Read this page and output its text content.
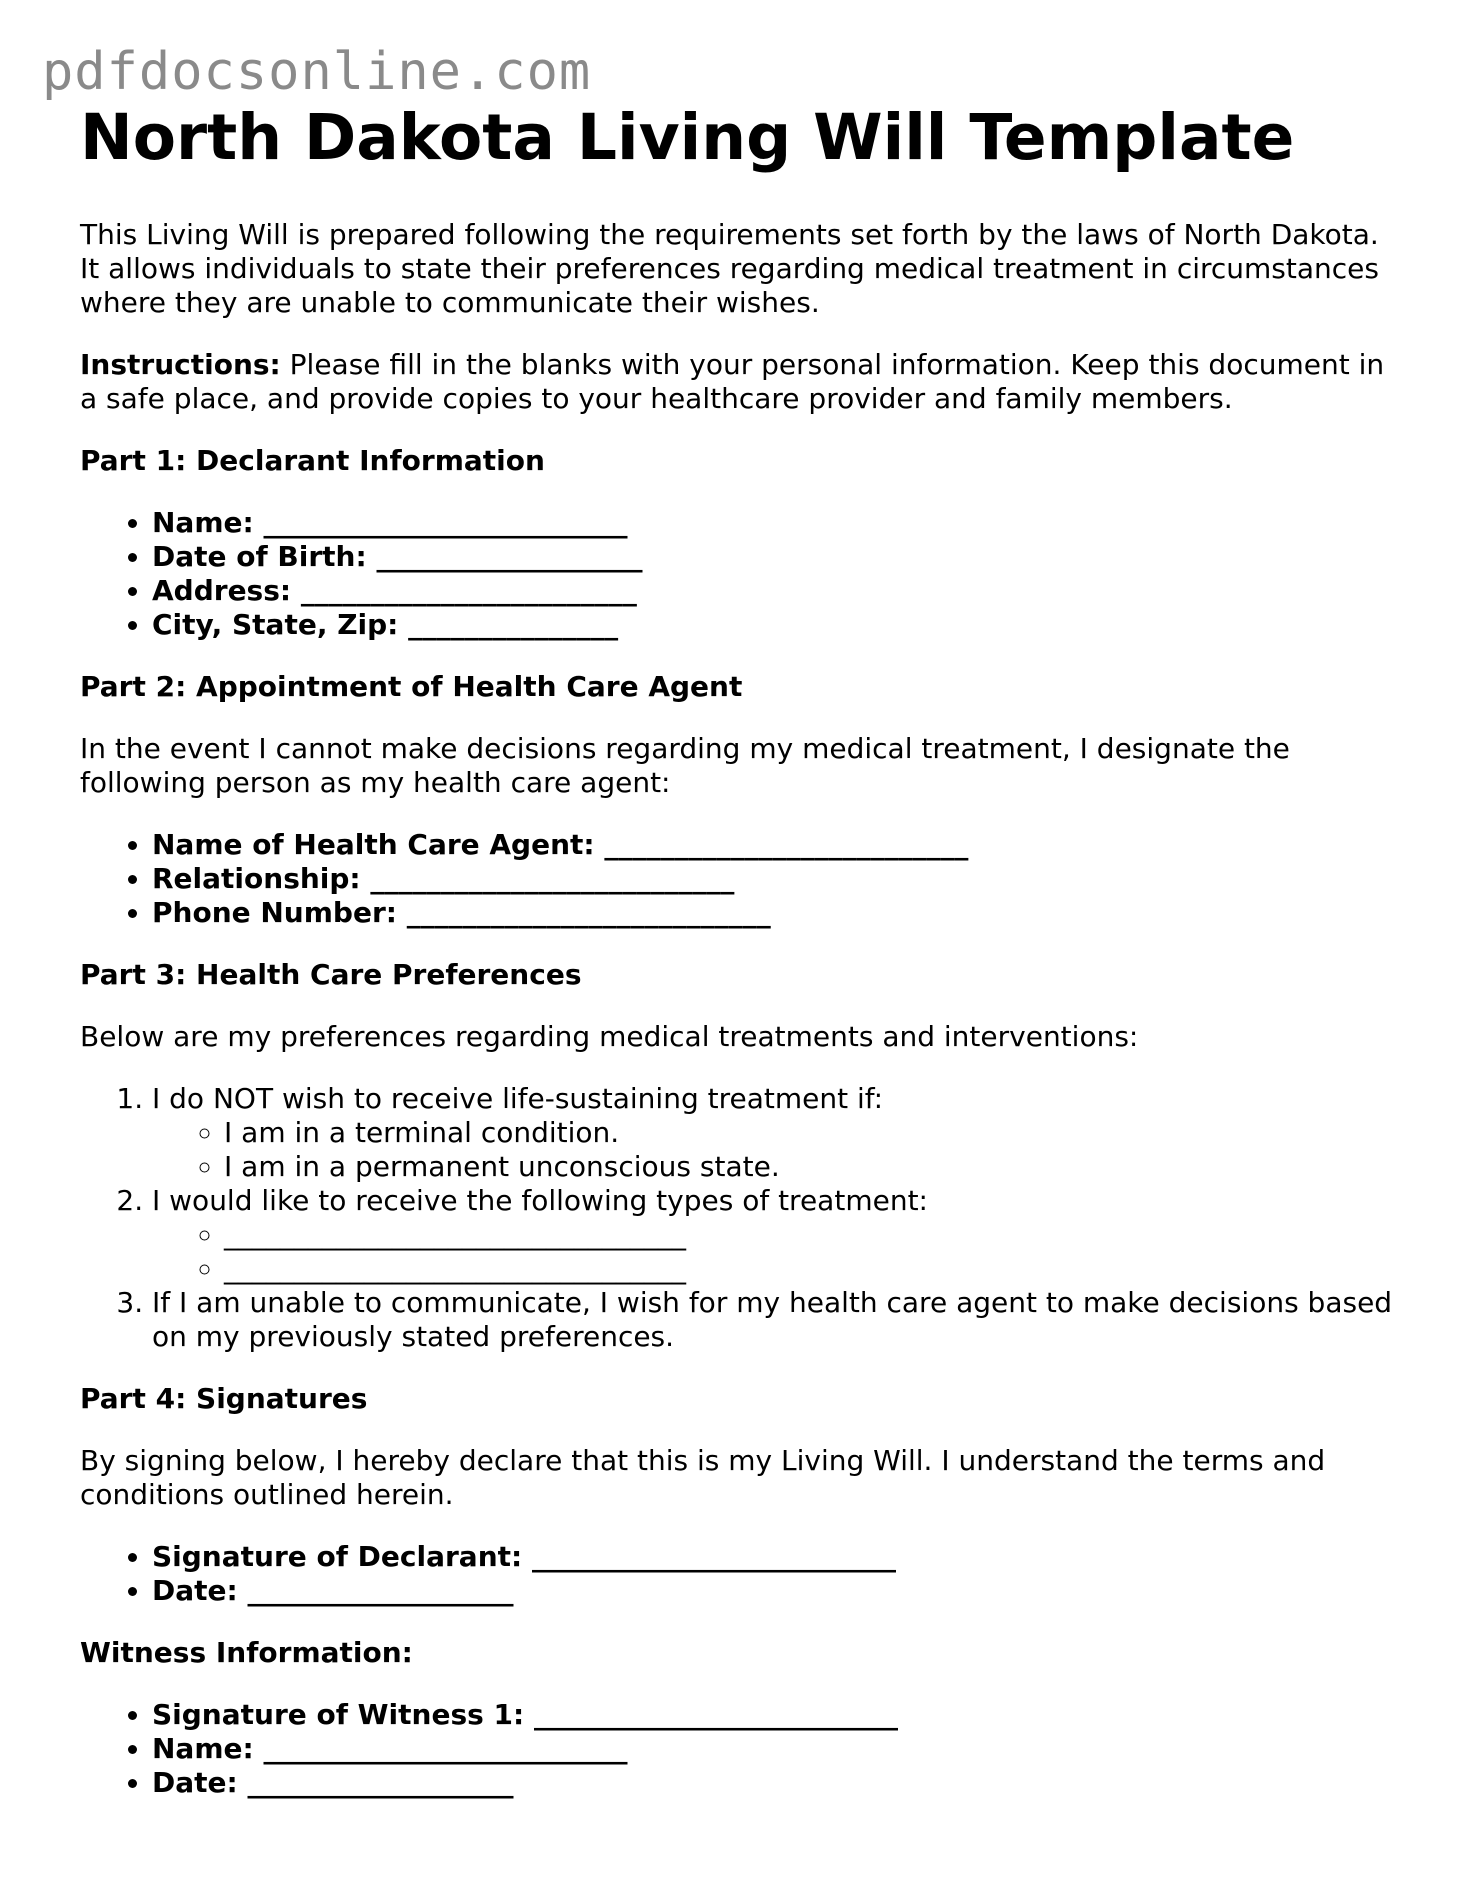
pdfdocsonline.com
North Dakota Living Will Template

This Living Will is prepared following the requirements set forth by the laws of North Dakota. It allows individuals to state their preferences regarding medical treatment in circumstances where they are unable to communicate their wishes.

Instructions: Please fill in the blanks with your personal information. Keep this document in a safe place, and provide copies to your healthcare provider and family members.

Part 1: Declarant Information
• Name: __________________________
• Date of Birth: ___________________
• Address: ________________________
• City, State, Zip: _______________
Part 2: Appointment of Health Care Agent

In the event I cannot make decisions regarding my medical treatment, I designate the following person as my health care agent:

• Name of Health Care Agent: __________________________
• Relationship: __________________________
• Phone Number: __________________________
Part 3: Health Care Preferences

Below are my preferences regarding medical treatments and interventions:

1. I do NOT wish to receive life-sustaining treatment if:
◦ I am in a terminal condition.
◦ I am in a permanent unconscious state.
2. I would like to receive the following types of treatment:
◦ _________________________________
◦ _________________________________
3. If I am unable to communicate, I wish for my health care agent to make decisions based on my previously stated preferences.
Part 4: Signatures

By signing below, I hereby declare that this is my Living Will. I understand the terms and conditions outlined herein.

• Signature of Declarant: __________________________
• Date: ___________________
Witness Information:
• Signature of Witness 1: __________________________
• Name: __________________________
• Date: ___________________
